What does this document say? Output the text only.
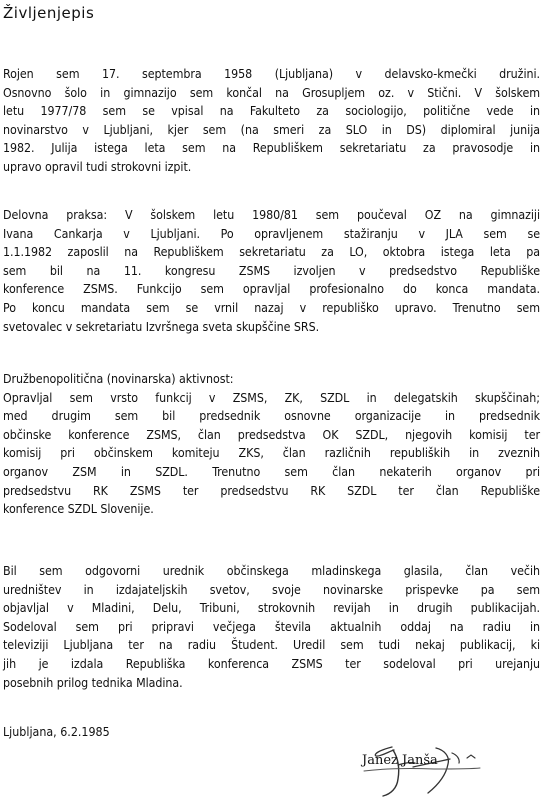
Življenjepis
Rojen sem 17. septembra 1958 (Ljubljana) v delavsko-kmečki družini.
Osnovno šolo in gimnazijo sem končal na Grosupljem oz. v Stični. V šolskem
letu 1977/78 sem se vpisal na Fakulteto za sociologijo, politične vede in
novinarstvo v Ljubljani, kjer sem (na smeri za SLO in DS) diplomiral junija
1982. Julija istega leta sem na Republiškem sekretariatu za pravosodje in
upravo opravil tudi strokovni izpit.
Delovna praksa: V šolskem letu 1980/81 sem poučeval OZ na gimnaziji
Ivana Cankarja v Ljubljani. Po opravljenem stažiranju v JLA sem se
1.1.1982 zaposlil na Republiškem sekretariatu za LO, oktobra istega leta pa
sem bil na 11. kongresu ZSMS izvoljen v predsedstvo Republiške
konference ZSMS. Funkcijo sem opravljal profesionalno do konca mandata.
Po koncu mandata sem se vrnil nazaj v republiško upravo. Trenutno sem
svetovalec v sekretariatu Izvršnega sveta skupščine SRS.
Družbenopolitična (novinarska) aktivnost:
Opravljal sem vrsto funkcij v ZSMS, ZK, SZDL in delegatskih skupščinah;
med drugim sem bil predsednik osnovne organizacije in predsednik
občinske konference ZSMS, član predsedstva OK SZDL, njegovih komisij ter
komisij pri občinskem komiteju ZKS, član različnih republiških in zveznih
organov ZSM in SZDL. Trenutno sem član nekaterih organov pri
predsedstvu RK ZSMS ter predsedstvu RK SZDL ter član Republiške
konference SZDL Slovenije.
Bil sem odgovorni urednik občinskega mladinskega glasila, član večih
uredništev in izdajateljskih svetov, svoje novinarske prispevke pa sem
objavljal v Mladini, Delu, Tribuni, strokovnih revijah in drugih publikacijah.
Sodeloval sem pri pripravi večjega števila aktualnih oddaj na radiu in
televiziji Ljubljana ter na radiu Študent. Uredil sem tudi nekaj publikacij, ki
jih je izdala Republiška konferenca ZSMS ter sodeloval pri urejanju
posebnih prilog tednika Mladina.
Ljubljana, 6.2.1985
Janez Janša
